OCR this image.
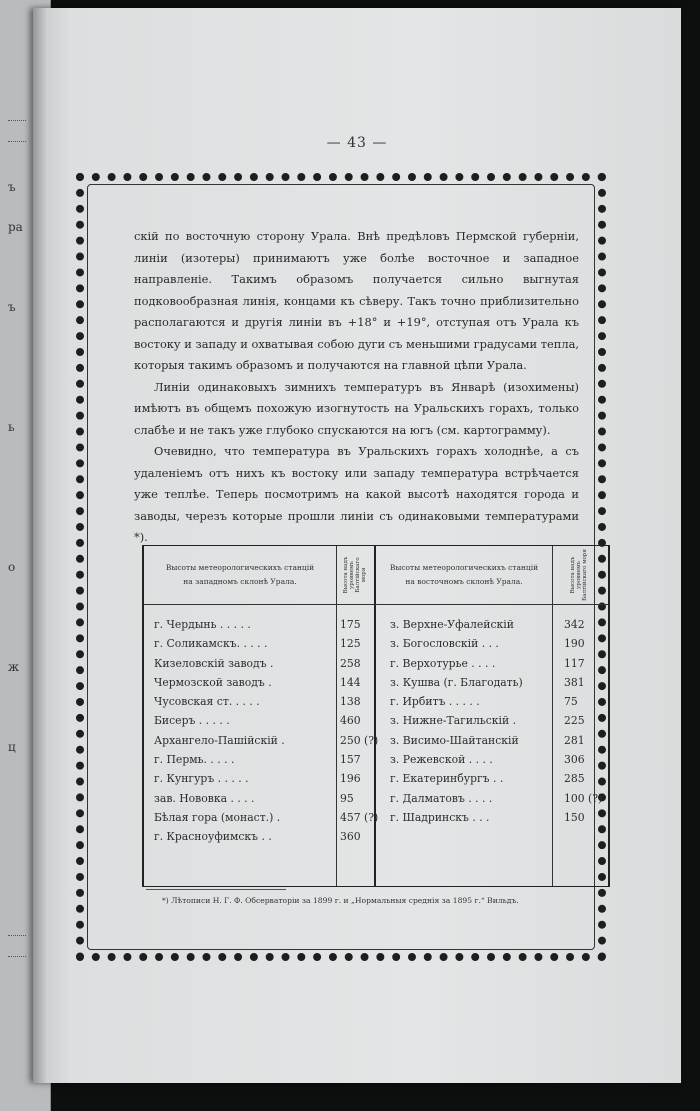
ъ
ра
ъ
ь
о
ж
ц
— 43 —

скій по восточную сторону Урала. Внѣ предѣловъ Пермской губерніи, линіи (изотеры) принимаютъ уже болѣе восточное и западное направленіе. Такимъ образомъ получается сильно выгнутая подковообразная линія, концами къ сѣверу. Такъ точно приблизительно располагаются и другія линіи въ +18° и +19°, отступая отъ Урала къ востоку и западу и охватывая собою дуги съ меньшими градусами тепла, которыя такимъ образомъ и получаются на главной цѣпи Урала.

Линіи одинаковыхъ зимнихъ температуръ въ Январѣ (изохимены) имѣютъ въ общемъ похожую изогнутость на Уральскихъ горахъ, только слабѣе и не такъ уже глубоко спускаются на югъ (см. картограмму).

Очевидно, что температура въ Уральскихъ горахъ холоднѣе, а съ удаленіемъ отъ нихъ къ востоку или западу температура встрѣчается уже теплѣе. Теперь посмотримъ на какой высотѣ находятся города и заводы, черезъ которые прошли линіи съ одинаковыми температурами *).

Высоты метеорологическихъ станцій
на западномъ склонѣ Урала.	Высота надъ уровнемъ Балтійскаго моря
Высоты метеорологическихъ станцій
на восточномъ склонѣ Урала.	Высота надъ уровнемъ Балтійскаго моря
г. Чердынь . . . . .	175	з. Верхне-Уфалейскій	342
г. Соликамскъ. . . . .	125	з. Богословскій . . .	190
Кизеловскій заводъ .	258	г. Верхотурье . . . .	117
Чермозской заводъ .	144	з. Кушва (г. Благодать)	381
Чусовская ст. . . . .	138	г. Ирбитъ . . . . .	75
Бисеръ . . . . .	460	з. Нижне-Тагильскій .	225
Архангело-Пашійскій .	250 (?) з. Висимо-Шайтанскій	281
г. Пермь. . . . .	157	з. Режевской . . . .	306
г. Кунгуръ . . . . .	196	г. Екатеринбургъ . .	285
зав. Нововка . . . .	95	г. Далматовъ . . . .	100 (?)
Бѣлая гора (монаст.) .	457 (?) г. Шадринскъ . . .	150
г. Красноуфимскъ . .	360
*) Лѣтописи Н. Г. Ф. Обсерваторіи за 1899 г. и „Нормальныя среднія за 1895 г.“ Вильдъ.
